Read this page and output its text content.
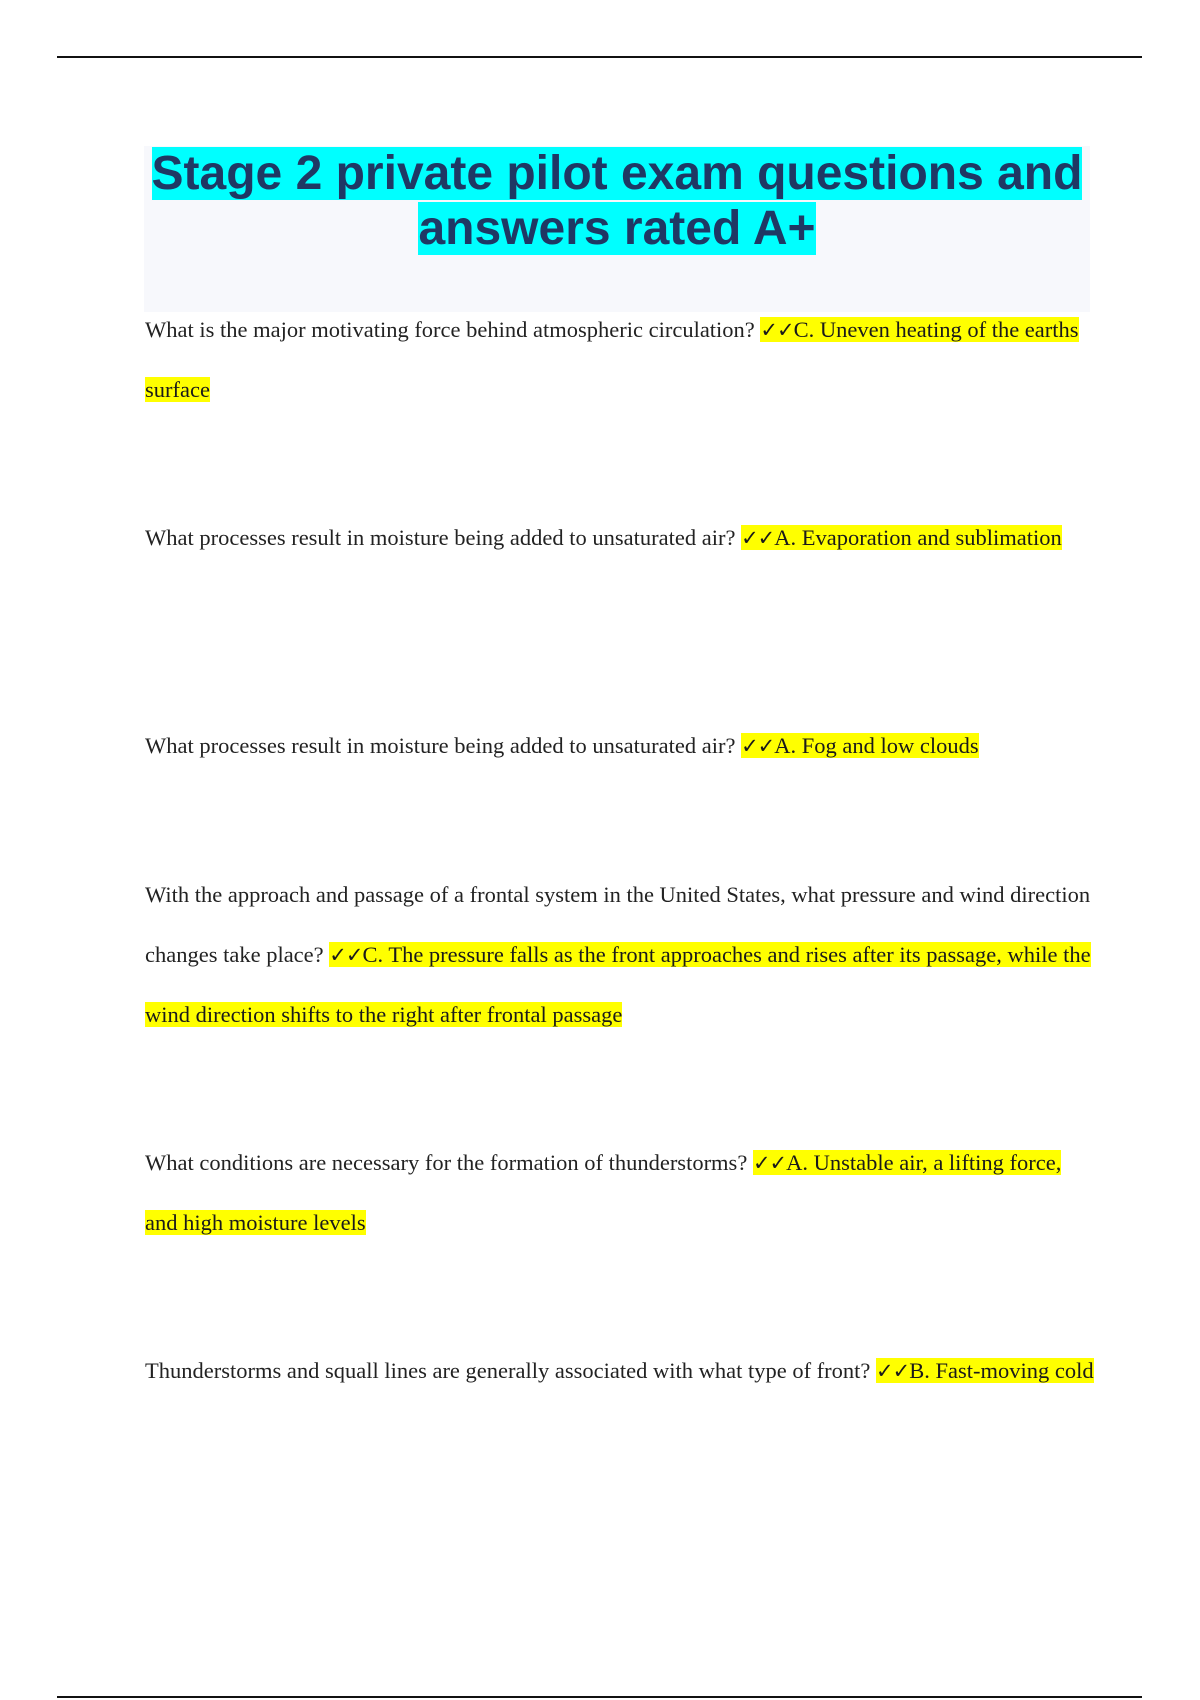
Stage 2 private pilot exam questions and answers rated A+

What is the major motivating force behind atmospheric circulation? ✓✓C. Uneven heating of the earths surface

What processes result in moisture being added to unsaturated air? ✓✓A. Evaporation and sublimation

What processes result in moisture being added to unsaturated air? ✓✓A. Fog and low clouds

With the approach and passage of a frontal system in the United States, what pressure and wind direction changes take place? ✓✓C. The pressure falls as the front approaches and rises after its passage, while the wind direction shifts to the right after frontal passage

What conditions are necessary for the formation of thunderstorms? ✓✓A. Unstable air, a lifting force, and high moisture levels

Thunderstorms and squall lines are generally associated with what type of front? ✓✓B. Fast-moving cold
